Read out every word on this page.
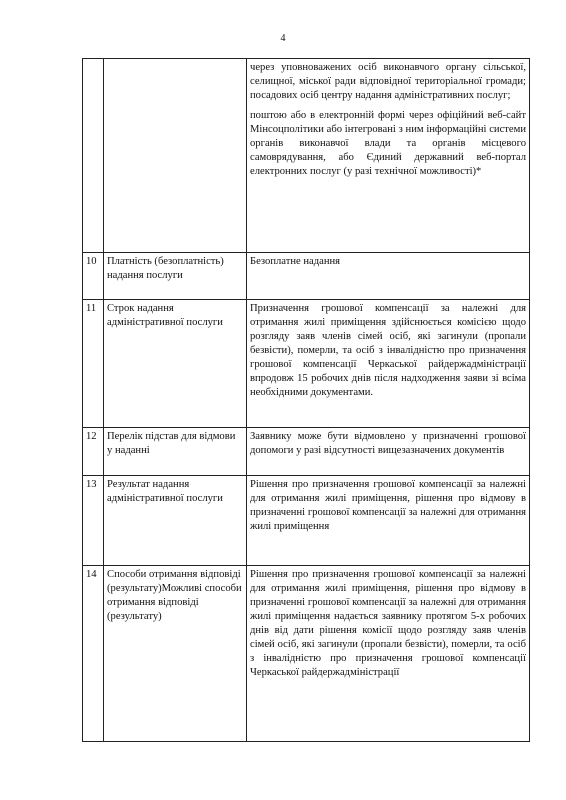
4

		через уповноважених осіб виконавчого органу сільської, селищної, міської ради відповідної територіальної громади; посадових осіб центру надання адміністративних послуг;

поштою або в електронній формі через офіційний веб-сайт Мінсоцполітики або інтегровані з ним інформаційні системи органів виконавчої влади та органів місцевого самоврядування, або Єдиний державний веб-портал електронних послуг (у разі технічної можливості)*

10	Платність (безоплатність) надання послуги	Безоплатне надання

11	Строк надання адміністративної послуги	Призначення грошової компенсації за належні для отримання жилі приміщення здійснюється комісією щодо розгляду заяв членів сімей осіб, які загинули (пропали безвісти), померли, та осіб з інвалідністю про призначення грошової компенсації Черкаської райдержадміністрації впродовж 15 робочих днів після надходження заяви зі всіма необхідними документами.

12	Перелік підстав для відмови у наданні	Заявнику може бути відмовлено у призначенні грошової допомоги у разі відсутності вищезазначених документів

13	Результат надання адміністративної послуги	Рішення про призначення грошової компенсації за належні для отримання жилі приміщення, рішення про відмову в призначенні грошової компенсації за належні для отримання жилі приміщення

14	Способи отримання відповіді (результату)Можливі способи отримання відповіді (результату)	Рішення про призначення грошової компенсації за належні для отримання жилі приміщення, рішення про відмову в призначенні грошової компенсації за належні для отримання жилі приміщення надається заявнику протягом 5-х робочих днів від дати рішення комісії щодо розгляду заяв членів сімей осіб, які загинули (пропали безвісти), померли, та осіб з інвалідністю про призначення грошової компенсації Черкаської райдержадміністрації
